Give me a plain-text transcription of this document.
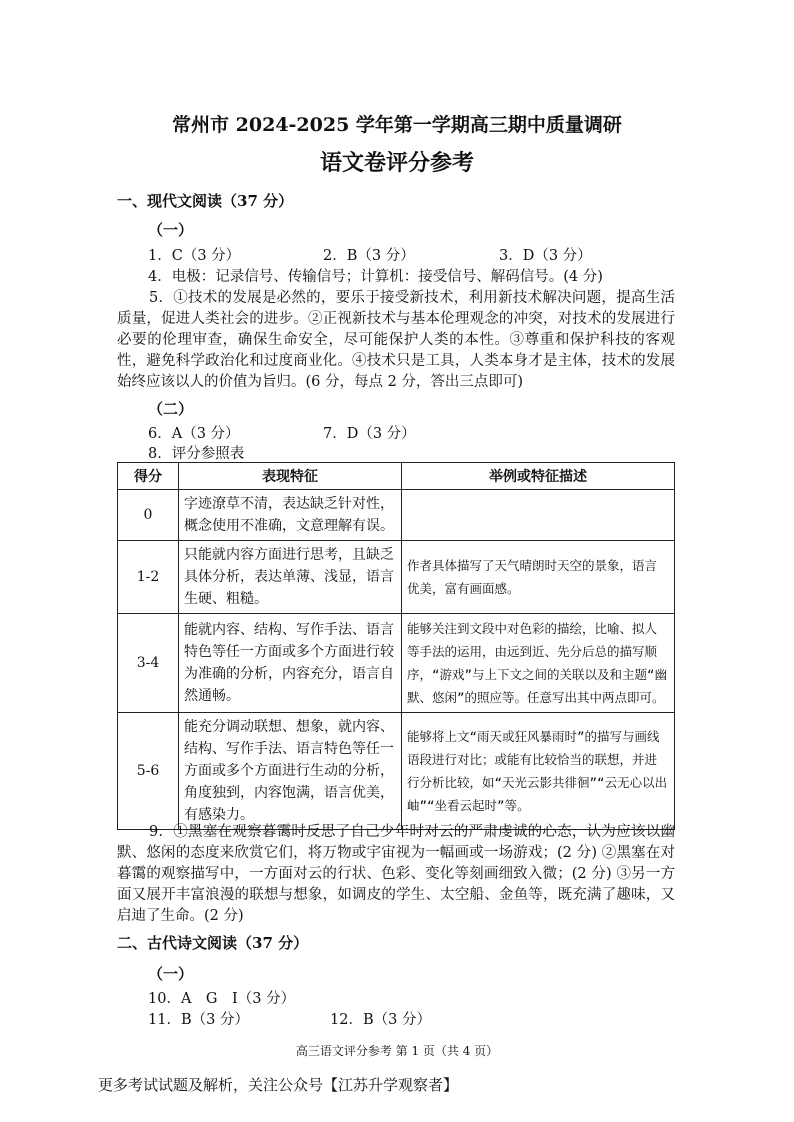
常州市 2024-2025 学年第一学期高三期中质量调研
语文卷评分参考
一、现代文阅读（37 分）
（一）
1．C（3 分）	2．B（3 分）	3．D（3 分）
4．电极：记录信号、传输信号；计算机：接受信号、解码信号。(4 分)
5．①技术的发展是必然的，要乐于接受新技术，利用新技术解决问题，提高生活质量，促进人类社会的进步。②正视新技术与基本伦理观念的冲突，对技术的发展进行必要的伦理审查，确保生命安全，尽可能保护人类的本性。③尊重和保护科技的客观性，避免科学政治化和过度商业化。④技术只是工具，人类本身才是主体，技术的发展始终应该以人的价值为旨归。(6 分，每点 2 分，答出三点即可)
（二）
6．A（3 分）	7．D（3 分）
8．评分参照表
得分	表现特征	举例或特征描述
0	字迹潦草不清，表达缺乏针对性，概念使用不准确，文意理解有误。	
1-2	只能就内容方面进行思考，且缺乏具体分析，表达单薄、浅显，语言生硬、粗糙。	作者具体描写了天气晴朗时天空的景象，语言优美，富有画面感。
3-4	能就内容、结构、写作手法、语言特色等任一方面或多个方面进行较为准确的分析，内容充分，语言自然通畅。	能够关注到文段中对色彩的描绘，比喻、拟人等手法的运用，由远到近、先分后总的描写顺序，“游戏”与上下文之间的关联以及和主题“幽默、悠闲”的照应等。任意写出其中两点即可。
5-6	能充分调动联想、想象，就内容、结构、写作手法、语言特色等任一方面或多个方面进行生动的分析，角度独到，内容饱满，语言优美，有感染力。	能够将上文“雨天或狂风暴雨时”的描写与画线语段进行对比；或能有比较恰当的联想，并进行分析比较，如“天光云影共徘徊”“云无心以出岫”“坐看云起时”等。
9．①黑塞在观察暮霭时反思了自己少年时对云的严肃虔诚的心态，认为应该以幽默、悠闲的态度来欣赏它们，将万物或宇宙视为一幅画或一场游戏；(2 分) ②黑塞在对暮霭的观察描写中，一方面对云的行状、色彩、变化等刻画细致入微；(2 分) ③另一方面又展开丰富浪漫的联想与想象，如调皮的学生、太空船、金鱼等，既充满了趣味，又启迪了生命。(2 分)
二、古代诗文阅读（37 分）
（一）
10．A　G　I（3 分）
11．B（3 分）	12．B（3 分）
高三语文评分参考 第 1 页（共 4 页）
更多考试试题及解析，关注公众号【江苏升学观察者】
